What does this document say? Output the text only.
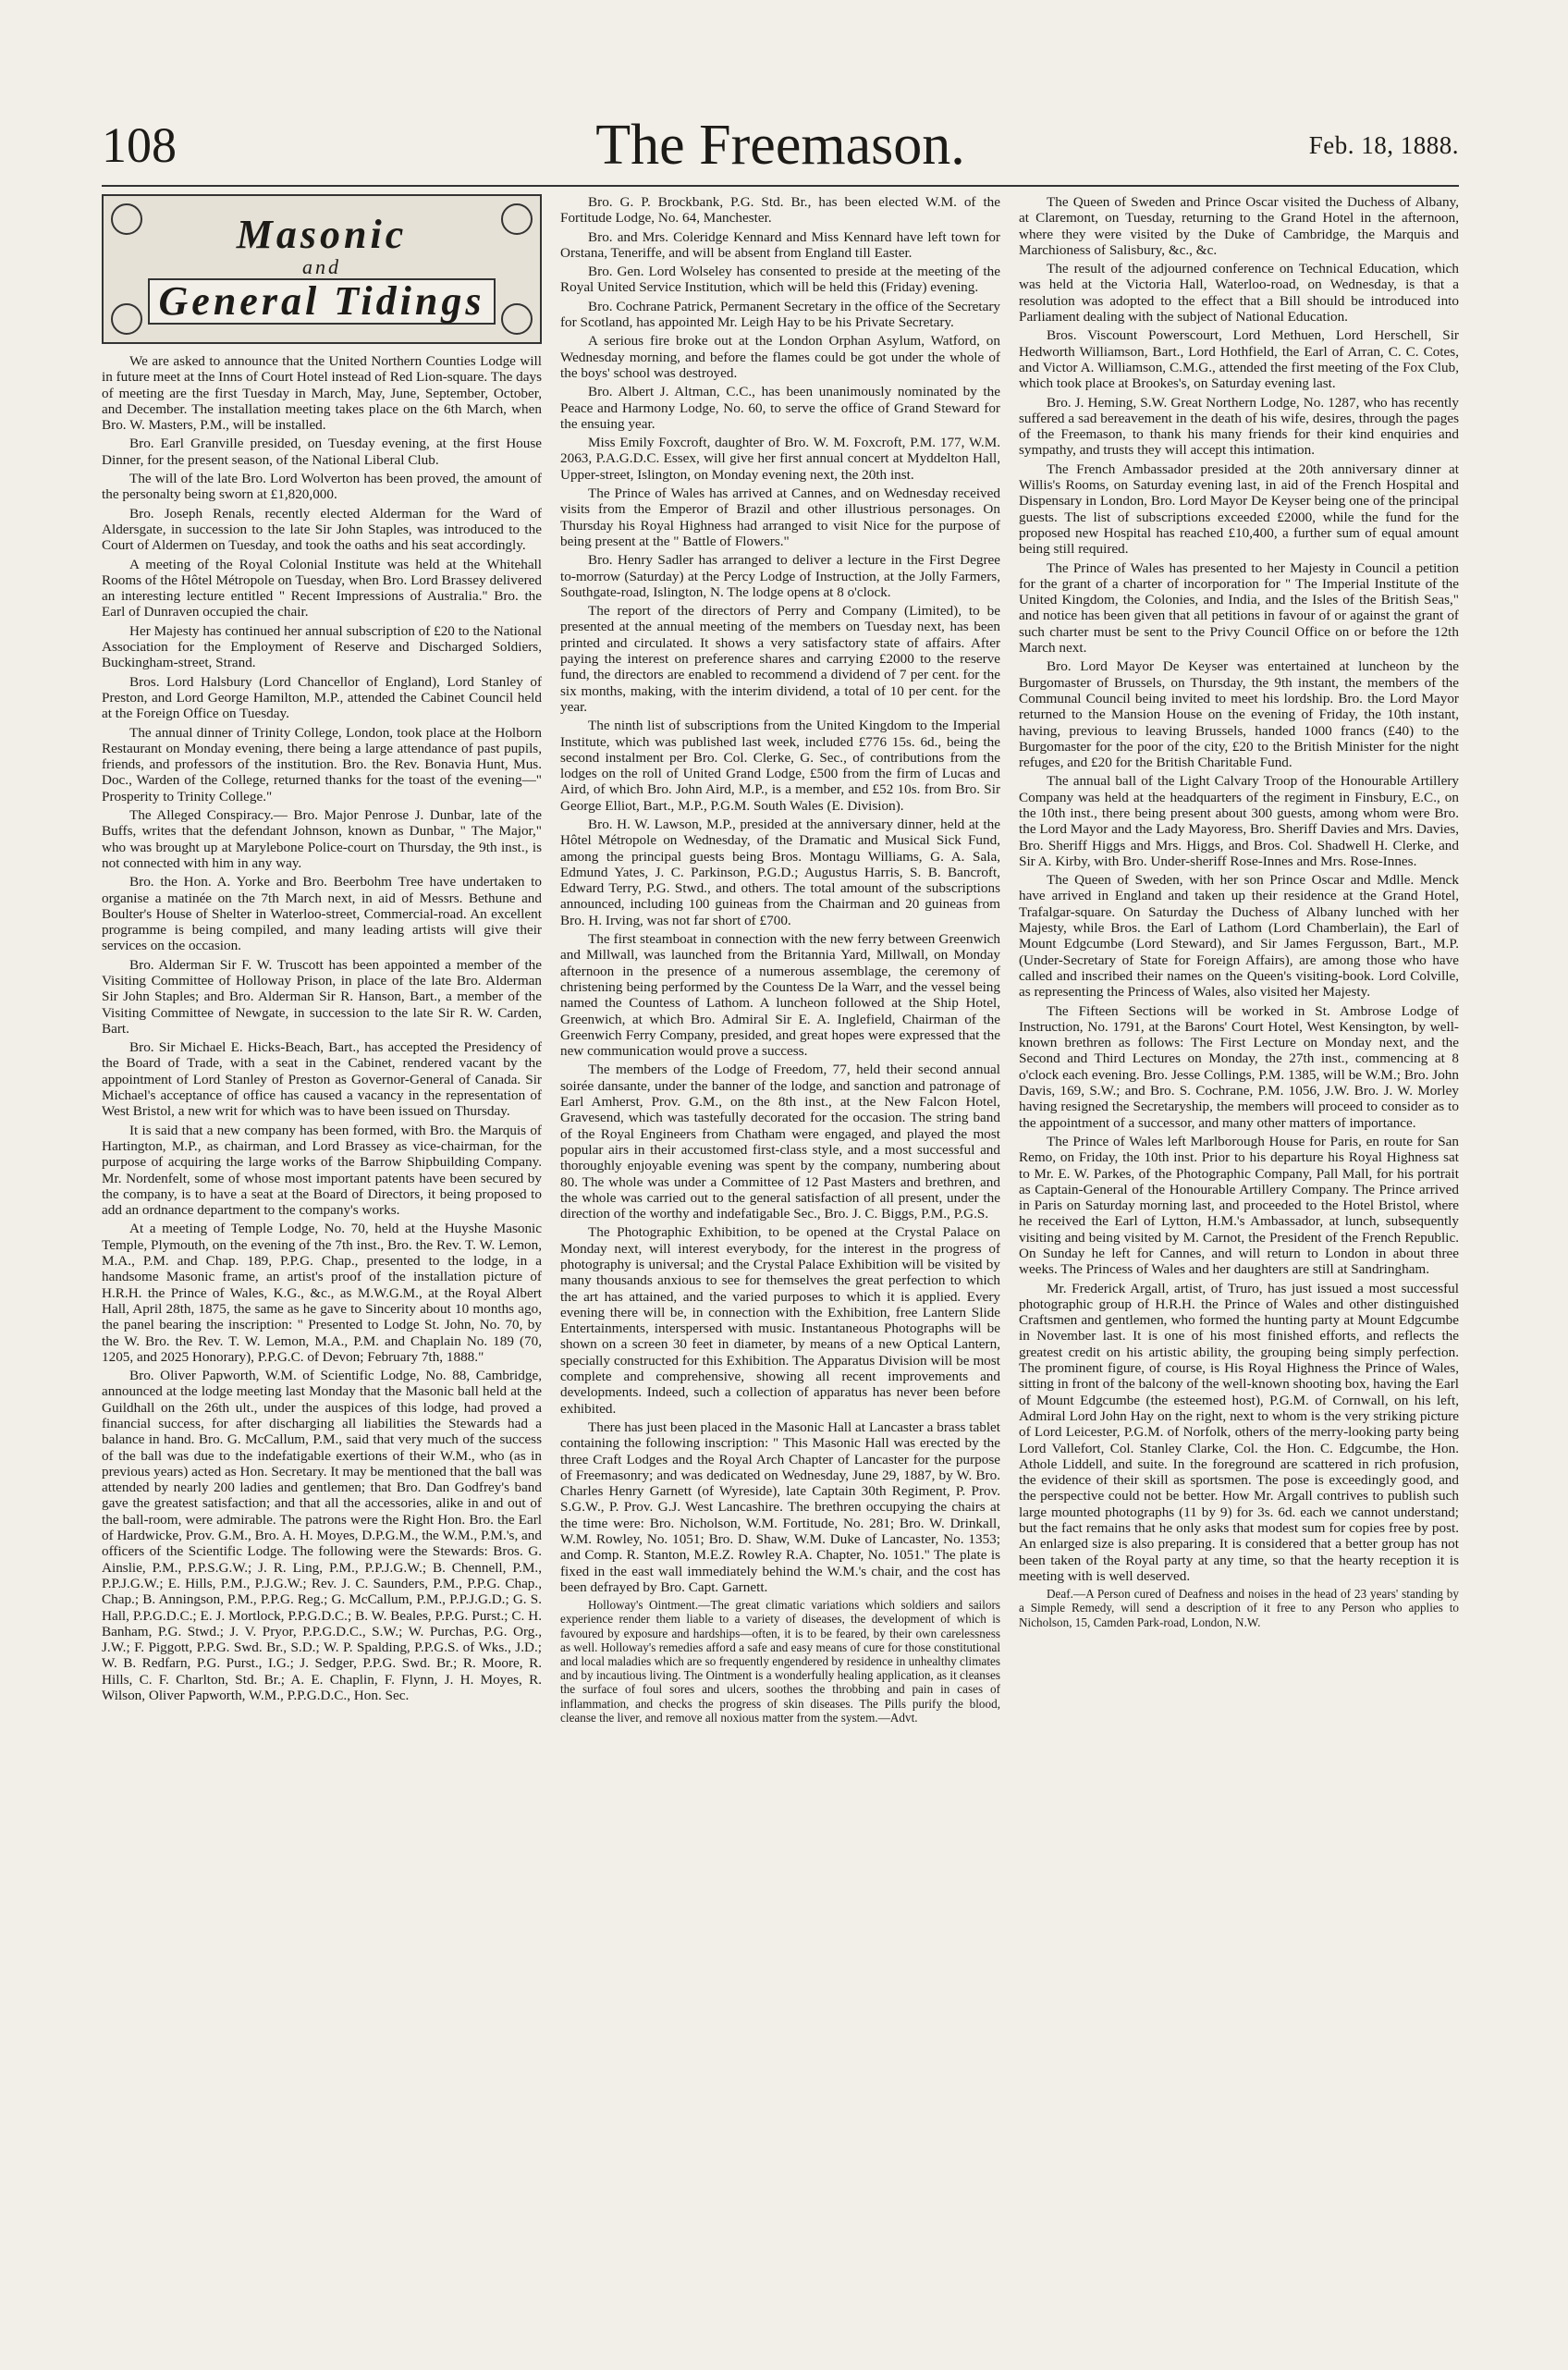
108	The Freemason.	Feb. 18, 1888.
Masonic
and
General Tidings

We are asked to announce that the United Northern Counties Lodge will in future meet at the Inns of Court Hotel instead of Red Lion-square. The days of meeting are the first Tuesday in March, May, June, September, October, and December. The installation meeting takes place on the 6th March, when Bro. W. Masters, P.M., will be installed.

Bro. Earl Granville presided, on Tuesday evening, at the first House Dinner, for the present season, of the National Liberal Club.

The will of the late Bro. Lord Wolverton has been proved, the amount of the personalty being sworn at £1,820,000.

Bro. Joseph Renals, recently elected Alderman for the Ward of Aldersgate, in succession to the late Sir John Staples, was introduced to the Court of Aldermen on Tuesday, and took the oaths and his seat accordingly.

A meeting of the Royal Colonial Institute was held at the Whitehall Rooms of the Hôtel Métropole on Tuesday, when Bro. Lord Brassey delivered an interesting lecture entitled " Recent Impressions of Australia." Bro. the Earl of Dunraven occupied the chair.

Her Majesty has continued her annual subscription of £20 to the National Association for the Employment of Reserve and Discharged Soldiers, Buckingham-street, Strand.

Bros. Lord Halsbury (Lord Chancellor of England), Lord Stanley of Preston, and Lord George Hamilton, M.P., attended the Cabinet Council held at the Foreign Office on Tuesday.

The annual dinner of Trinity College, London, took place at the Holborn Restaurant on Monday evening, there being a large attendance of past pupils, friends, and professors of the institution. Bro. the Rev. Bonavia Hunt, Mus. Doc., Warden of the College, returned thanks for the toast of the evening—" Prosperity to Trinity College."

The Alleged Conspiracy.— Bro. Major Penrose J. Dunbar, late of the Buffs, writes that the defendant Johnson, known as Dunbar, " The Major," who was brought up at Marylebone Police-court on Thursday, the 9th inst., is not connected with him in any way.

Bro. the Hon. A. Yorke and Bro. Beerbohm Tree have undertaken to organise a matinée on the 7th March next, in aid of Messrs. Bethune and Boulter's House of Shelter in Waterloo-street, Commercial-road. An excellent programme is being compiled, and many leading artists will give their services on the occasion.

Bro. Alderman Sir F. W. Truscott has been appointed a member of the Visiting Committee of Holloway Prison, in place of the late Bro. Alderman Sir John Staples; and Bro. Alderman Sir R. Hanson, Bart., a member of the Visiting Committee of Newgate, in succession to the late Sir R. W. Carden, Bart.

Bro. Sir Michael E. Hicks-Beach, Bart., has accepted the Presidency of the Board of Trade, with a seat in the Cabinet, rendered vacant by the appointment of Lord Stanley of Preston as Governor-General of Canada. Sir Michael's acceptance of office has caused a vacancy in the representation of West Bristol, a new writ for which was to have been issued on Thursday.

It is said that a new company has been formed, with Bro. the Marquis of Hartington, M.P., as chairman, and Lord Brassey as vice-chairman, for the purpose of acquiring the large works of the Barrow Shipbuilding Company. Mr. Nordenfelt, some of whose most important patents have been secured by the company, is to have a seat at the Board of Directors, it being proposed to add an ordnance department to the company's works.

At a meeting of Temple Lodge, No. 70, held at the Huyshe Masonic Temple, Plymouth, on the evening of the 7th inst., Bro. the Rev. T. W. Lemon, M.A., P.M. and Chap. 189, P.P.G. Chap., presented to the lodge, in a handsome Masonic frame, an artist's proof of the installation picture of H.R.H. the Prince of Wales, K.G., &c., as M.W.G.M., at the Royal Albert Hall, April 28th, 1875, the same as he gave to Sincerity about 10 months ago, the panel bearing the inscription: " Presented to Lodge St. John, No. 70, by the W. Bro. the Rev. T. W. Lemon, M.A., P.M. and Chaplain No. 189 (70, 1205, and 2025 Honorary), P.P.G.C. of Devon; February 7th, 1888."

Bro. Oliver Papworth, W.M. of Scientific Lodge, No. 88, Cambridge, announced at the lodge meeting last Monday that the Masonic ball held at the Guildhall on the 26th ult., under the auspices of this lodge, had proved a financial success, for after discharging all liabilities the Stewards had a balance in hand. Bro. G. McCallum, P.M., said that very much of the success of the ball was due to the indefatigable exertions of their W.M., who (as in previous years) acted as Hon. Secretary. It may be mentioned that the ball was attended by nearly 200 ladies and gentlemen; that Bro. Dan Godfrey's band gave the greatest satisfaction; and that all the accessories, alike in and out of the ball-room, were admirable. The patrons were the Right Hon. Bro. the Earl of Hardwicke, Prov. G.M., Bro. A. H. Moyes, D.P.G.M., the W.M., P.M.'s, and officers of the Scientific Lodge. The following were the Stewards: Bros. G. Ainslie, P.M., P.P.S.G.W.; J. R. Ling, P.M., P.P.J.G.W.; B. Chennell, P.M., P.P.J.G.W.; E. Hills, P.M., P.J.G.W.; Rev. J. C. Saunders, P.M., P.P.G. Chap., Chap.; B. Anningson, P.M., P.P.G. Reg.; G. McCallum, P.M., P.P.J.G.D.; G. S. Hall, P.P.G.D.C.; E. J. Mortlock, P.P.G.D.C.; B. W. Beales, P.P.G. Purst.; C. H. Banham, P.G. Stwd.; J. V. Pryor, P.P.G.D.C., S.W.; W. Purchas, P.G. Org., J.W.; F. Piggott, P.P.G. Swd. Br., S.D.; W. P. Spalding, P.P.G.S. of Wks., J.D.; W. B. Redfarn, P.G. Purst., I.G.; J. Sedger, P.P.G. Swd. Br.; R. Moore, R. Hills, C. F. Charlton, Std. Br.; A. E. Chaplin, F. Flynn, J. H. Moyes, R. Wilson, Oliver Papworth, W.M., P.P.G.D.C., Hon. Sec.

Bro. G. P. Brockbank, P.G. Std. Br., has been elected W.M. of the Fortitude Lodge, No. 64, Manchester.

Bro. and Mrs. Coleridge Kennard and Miss Kennard have left town for Orstana, Teneriffe, and will be absent from England till Easter.

Bro. Gen. Lord Wolseley has consented to preside at the meeting of the Royal United Service Institution, which will be held this (Friday) evening.

Bro. Cochrane Patrick, Permanent Secretary in the office of the Secretary for Scotland, has appointed Mr. Leigh Hay to be his Private Secretary.

A serious fire broke out at the London Orphan Asylum, Watford, on Wednesday morning, and before the flames could be got under the whole of the boys' school was destroyed.

Bro. Albert J. Altman, C.C., has been unanimously nominated by the Peace and Harmony Lodge, No. 60, to serve the office of Grand Steward for the ensuing year.

Miss Emily Foxcroft, daughter of Bro. W. M. Foxcroft, P.M. 177, W.M. 2063, P.A.G.D.C. Essex, will give her first annual concert at Myddelton Hall, Upper-street, Islington, on Monday evening next, the 20th inst.

The Prince of Wales has arrived at Cannes, and on Wednesday received visits from the Emperor of Brazil and other illustrious personages. On Thursday his Royal Highness had arranged to visit Nice for the purpose of being present at the " Battle of Flowers."

Bro. Henry Sadler has arranged to deliver a lecture in the First Degree to-morrow (Saturday) at the Percy Lodge of Instruction, at the Jolly Farmers, Southgate-road, Islington, N. The lodge opens at 8 o'clock.

The report of the directors of Perry and Company (Limited), to be presented at the annual meeting of the members on Tuesday next, has been printed and circulated. It shows a very satisfactory state of affairs. After paying the interest on preference shares and carrying £2000 to the reserve fund, the directors are enabled to recommend a dividend of 7 per cent. for the six months, making, with the interim dividend, a total of 10 per cent. for the year.

The ninth list of subscriptions from the United Kingdom to the Imperial Institute, which was published last week, included £776 15s. 6d., being the second instalment per Bro. Col. Clerke, G. Sec., of contributions from the lodges on the roll of United Grand Lodge, £500 from the firm of Lucas and Aird, of which Bro. John Aird, M.P., is a member, and £52 10s. from Bro. Sir George Elliot, Bart., M.P., P.G.M. South Wales (E. Division).

Bro. H. W. Lawson, M.P., presided at the anniversary dinner, held at the Hôtel Métropole on Wednesday, of the Dramatic and Musical Sick Fund, among the principal guests being Bros. Montagu Williams, G. A. Sala, Edmund Yates, J. C. Parkinson, P.G.D.; Augustus Harris, S. B. Bancroft, Edward Terry, P.G. Stwd., and others. The total amount of the subscriptions announced, including 100 guineas from the Chairman and 20 guineas from Bro. H. Irving, was not far short of £700.

The first steamboat in connection with the new ferry between Greenwich and Millwall, was launched from the Britannia Yard, Millwall, on Monday afternoon in the presence of a numerous assemblage, the ceremony of christening being performed by the Countess De la Warr, and the vessel being named the Countess of Lathom. A luncheon followed at the Ship Hotel, Greenwich, at which Bro. Admiral Sir E. A. Inglefield, Chairman of the Greenwich Ferry Company, presided, and great hopes were expressed that the new communication would prove a success.

The members of the Lodge of Freedom, 77, held their second annual soirée dansante, under the banner of the lodge, and sanction and patronage of Earl Amherst, Prov. G.M., on the 8th inst., at the New Falcon Hotel, Gravesend, which was tastefully decorated for the occasion. The string band of the Royal Engineers from Chatham were engaged, and played the most popular airs in their accustomed first-class style, and a most successful and thoroughly enjoyable evening was spent by the company, numbering about 80. The whole was under a Committee of 12 Past Masters and brethren, and the whole was carried out to the general satisfaction of all present, under the direction of the worthy and indefatigable Sec., Bro. J. C. Biggs, P.M., P.G.S.

The Photographic Exhibition, to be opened at the Crystal Palace on Monday next, will interest everybody, for the interest in the progress of photography is universal; and the Crystal Palace Exhibition will be visited by many thousands anxious to see for themselves the great perfection to which the art has attained, and the varied purposes to which it is applied. Every evening there will be, in connection with the Exhibition, free Lantern Slide Entertainments, interspersed with music. Instantaneous Photographs will be shown on a screen 30 feet in diameter, by means of a new Optical Lantern, specially constructed for this Exhibition. The Apparatus Division will be most complete and comprehensive, showing all recent improvements and developments. Indeed, such a collection of apparatus has never been before exhibited.

There has just been placed in the Masonic Hall at Lancaster a brass tablet containing the following inscription: " This Masonic Hall was erected by the three Craft Lodges and the Royal Arch Chapter of Lancaster for the purpose of Freemasonry; and was dedicated on Wednesday, June 29, 1887, by W. Bro. Charles Henry Garnett (of Wyreside), late Captain 30th Regiment, P. Prov. S.G.W., P. Prov. G.J. West Lancashire. The brethren occupying the chairs at the time were: Bro. Nicholson, W.M. Fortitude, No. 281; Bro. W. Drinkall, W.M. Rowley, No. 1051; Bro. D. Shaw, W.M. Duke of Lancaster, No. 1353; and Comp. R. Stanton, M.E.Z. Rowley R.A. Chapter, No. 1051." The plate is fixed in the east wall immediately behind the W.M.'s chair, and the cost has been defrayed by Bro. Capt. Garnett.

Holloway's Ointment.—The great climatic variations which soldiers and sailors experience render them liable to a variety of diseases, the development of which is favoured by exposure and hardships—often, it is to be feared, by their own carelessness as well. Holloway's remedies afford a safe and easy means of cure for those constitutional and local maladies which are so frequently engendered by residence in unhealthy climates and by incautious living. The Ointment is a wonderfully healing application, as it cleanses the surface of foul sores and ulcers, soothes the throbbing and pain in cases of inflammation, and checks the progress of skin diseases. The Pills purify the blood, cleanse the liver, and remove all noxious matter from the system.—Advt.

The Queen of Sweden and Prince Oscar visited the Duchess of Albany, at Claremont, on Tuesday, returning to the Grand Hotel in the afternoon, where they were visited by the Duke of Cambridge, the Marquis and Marchioness of Salisbury, &c., &c.

The result of the adjourned conference on Technical Education, which was held at the Victoria Hall, Waterloo-road, on Wednesday, is that a resolution was adopted to the effect that a Bill should be introduced into Parliament dealing with the subject of National Education.

Bros. Viscount Powerscourt, Lord Methuen, Lord Herschell, Sir Hedworth Williamson, Bart., Lord Hothfield, the Earl of Arran, C. C. Cotes, and Victor A. Williamson, C.M.G., attended the first meeting of the Fox Club, which took place at Brookes's, on Saturday evening last.

Bro. J. Heming, S.W. Great Northern Lodge, No. 1287, who has recently suffered a sad bereavement in the death of his wife, desires, through the pages of the Freemason, to thank his many friends for their kind enquiries and sympathy, and trusts they will accept this intimation.

The French Ambassador presided at the 20th anniversary dinner at Willis's Rooms, on Saturday evening last, in aid of the French Hospital and Dispensary in London, Bro. Lord Mayor De Keyser being one of the principal guests. The list of subscriptions exceeded £2000, while the fund for the proposed new Hospital has reached £10,400, a further sum of equal amount being still required.

The Prince of Wales has presented to her Majesty in Council a petition for the grant of a charter of incorporation for " The Imperial Institute of the United Kingdom, the Colonies, and India, and the Isles of the British Seas," and notice has been given that all petitions in favour of or against the grant of such charter must be sent to the Privy Council Office on or before the 12th March next.

Bro. Lord Mayor De Keyser was entertained at luncheon by the Burgomaster of Brussels, on Thursday, the 9th instant, the members of the Communal Council being invited to meet his lordship. Bro. the Lord Mayor returned to the Mansion House on the evening of Friday, the 10th instant, having, previous to leaving Brussels, handed 1000 francs (£40) to the Burgomaster for the poor of the city, £20 to the British Minister for the night refuges, and £20 for the British Charitable Fund.

The annual ball of the Light Calvary Troop of the Honourable Artillery Company was held at the headquarters of the regiment in Finsbury, E.C., on the 10th inst., there being present about 300 guests, among whom were Bro. the Lord Mayor and the Lady Mayoress, Bro. Sheriff Davies and Mrs. Davies, Bro. Sheriff Higgs and Mrs. Higgs, and Bros. Col. Shadwell H. Clerke, and Sir A. Kirby, with Bro. Under-sheriff Rose-Innes and Mrs. Rose-Innes.

The Queen of Sweden, with her son Prince Oscar and Mdlle. Menck have arrived in England and taken up their residence at the Grand Hotel, Trafalgar-square. On Saturday the Duchess of Albany lunched with her Majesty, while Bros. the Earl of Lathom (Lord Chamberlain), the Earl of Mount Edgcumbe (Lord Steward), and Sir James Fergusson, Bart., M.P. (Under-Secretary of State for Foreign Affairs), are among those who have called and inscribed their names on the Queen's visiting-book. Lord Colville, as representing the Princess of Wales, also visited her Majesty.

The Fifteen Sections will be worked in St. Ambrose Lodge of Instruction, No. 1791, at the Barons' Court Hotel, West Kensington, by well-known brethren as follows: The First Lecture on Monday next, and the Second and Third Lectures on Monday, the 27th inst., commencing at 8 o'clock each evening. Bro. Jesse Collings, P.M. 1385, will be W.M.; Bro. John Davis, 169, S.W.; and Bro. S. Cochrane, P.M. 1056, J.W. Bro. J. W. Morley having resigned the Secretaryship, the members will proceed to consider as to the appointment of a successor, and many other matters of importance.

The Prince of Wales left Marlborough House for Paris, en route for San Remo, on Friday, the 10th inst. Prior to his departure his Royal Highness sat to Mr. E. W. Parkes, of the Photographic Company, Pall Mall, for his portrait as Captain-General of the Honourable Artillery Company. The Prince arrived in Paris on Saturday morning last, and proceeded to the Hotel Bristol, where he received the Earl of Lytton, H.M.'s Ambassador, at lunch, subsequently visiting and being visited by M. Carnot, the President of the French Republic. On Sunday he left for Cannes, and will return to London in about three weeks. The Princess of Wales and her daughters are still at Sandringham.

Mr. Frederick Argall, artist, of Truro, has just issued a most successful photographic group of H.R.H. the Prince of Wales and other distinguished Craftsmen and gentlemen, who formed the hunting party at Mount Edgcumbe in November last. It is one of his most finished efforts, and reflects the greatest credit on his artistic ability, the grouping being simply perfection. The prominent figure, of course, is His Royal Highness the Prince of Wales, sitting in front of the balcony of the well-known shooting box, having the Earl of Mount Edgcumbe (the esteemed host), P.G.M. of Cornwall, on his left, Admiral Lord John Hay on the right, next to whom is the very striking picture of Lord Leicester, P.G.M. of Norfolk, others of the merry-looking party being Lord Vallefort, Col. Stanley Clarke, Col. the Hon. C. Edgcumbe, the Hon. Athole Liddell, and suite. In the foreground are scattered in rich profusion, the evidence of their skill as sportsmen. The pose is exceedingly good, and the perspective could not be better. How Mr. Argall contrives to publish such large mounted photographs (11 by 9) for 3s. 6d. each we cannot understand; but the fact remains that he only asks that modest sum for copies free by post. An enlarged size is also preparing. It is considered that a better group has not been taken of the Royal party at any time, so that the hearty reception it is meeting with is well deserved.

Deaf.—A Person cured of Deafness and noises in the head of 23 years' standing by a Simple Remedy, will send a description of it free to any Person who applies to Nicholson, 15, Camden Park-road, London, N.W.
